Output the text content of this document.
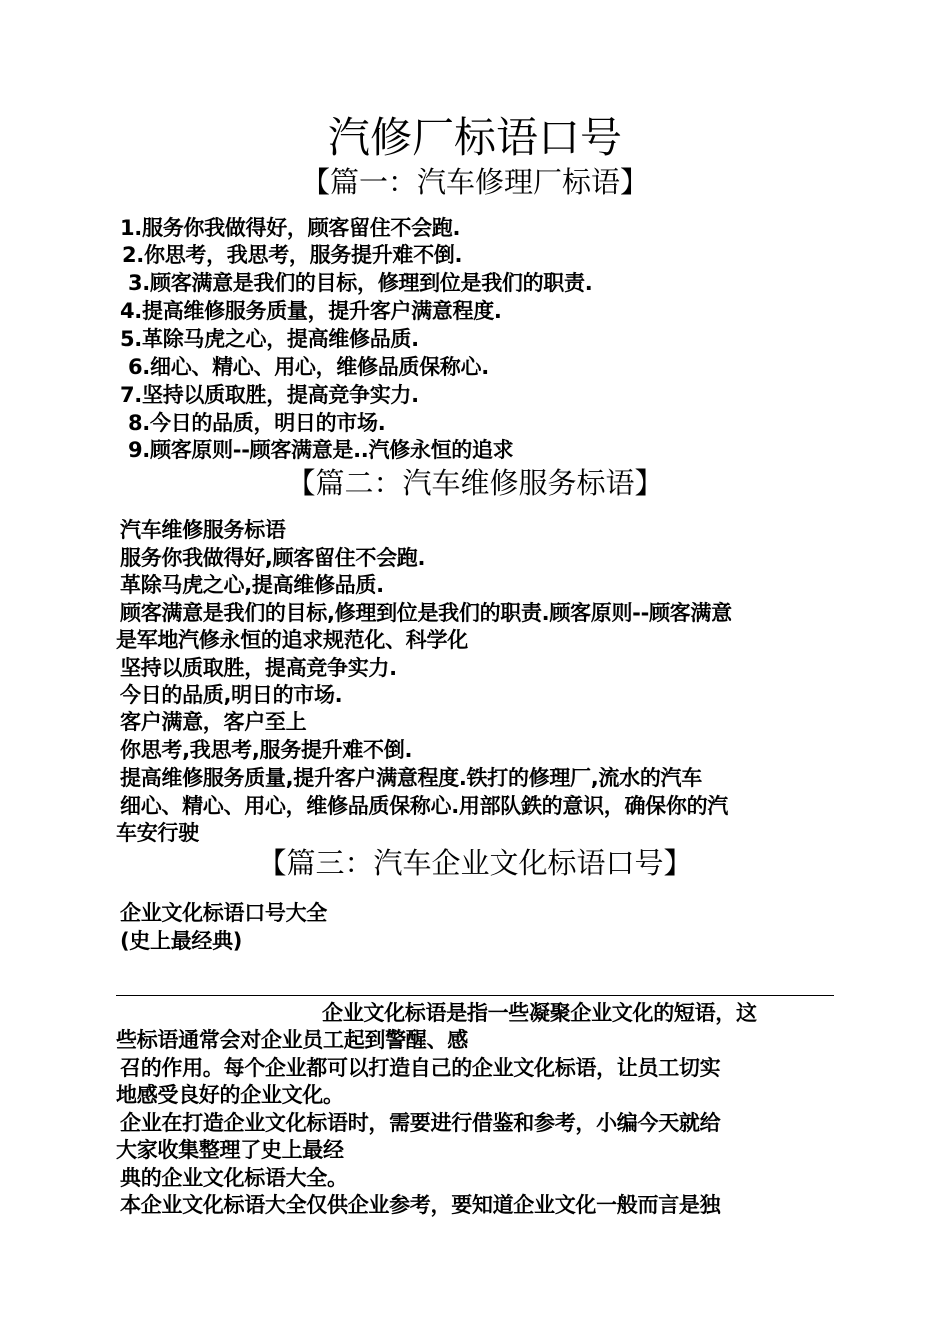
汽修厂标语口号
【篇一：汽车修理厂标语】
1.服务你我做得好，顾客留住不会跑.
2.你思考，我思考，服务提升难不倒.
3.顾客满意是我们的目标，修理到位是我们的职责.
4.提高维修服务质量，提升客户满意程度.
5.革除马虎之心，提高维修品质.
6.细心、精心、用心，维修品质保称心.
7.坚持以质取胜，提高竞争实力.
8.今日的品质，明日的市场.
9.顾客原则--顾客满意是..汽修永恒的追求
【篇二：汽车维修服务标语】
汽车维修服务标语
服务你我做得好,顾客留住不会跑.
革除马虎之心,提高维修品质.
顾客满意是我们的目标,修理到位是我们的职责.顾客原则--顾客满意
是军地汽修永恒的追求规范化、科学化
坚持以质取胜，提高竞争实力.
今日的品质,明日的市场.
客户满意，客户至上
你思考,我思考,服务提升难不倒.
提高维修服务质量,提升客户满意程度.铁打的修理厂,流水的汽车
细心、精心、用心，维修品质保称心.用部队鉄的意识，确保你的汽
车安行驶
【篇三：汽车企业文化标语口号】
企业文化标语口号大全
(史上最经典)
企业文化标语是指一些凝聚企业文化的短语，这
些标语通常会对企业员工起到警醒、感
召的作用。每个企业都可以打造自己的企业文化标语，让员工切实
地感受良好的企业文化。
企业在打造企业文化标语时，需要进行借鉴和参考，小编今天就给
大家收集整理了史上最经
典的企业文化标语大全。
本企业文化标语大全仅供企业参考，要知道企业文化一般而言是独
